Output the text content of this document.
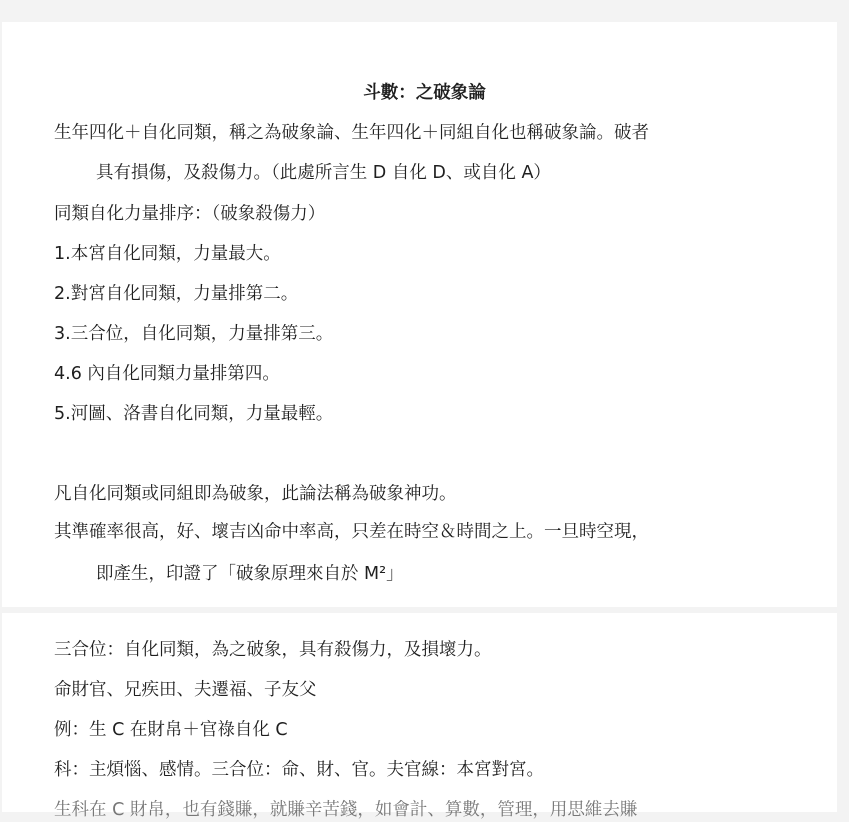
斗數：之破象論
生年四化＋自化同類，稱之為破象論、生年四化＋同組自化也稱破象論。破者
具有損傷，及殺傷力。（此處所言生 D 自化 D、或自化 A）
同類自化力量排序：（破象殺傷力）
1.本宮自化同類，力量最大。
2.對宮自化同類，力量排第二。
3.三合位，自化同類，力量排第三。
4.6 內自化同類力量排第四。
5.河圖、洛書自化同類，力量最輕。
凡自化同類或同組即為破象，此論法稱為破象神功。
其準確率很高，好、壞吉凶命中率高，只差在時空＆時間之上。一旦時空現，
即產生，印證了「破象原理來自於 M²」
三合位：自化同類，為之破象，具有殺傷力，及損壞力。
命財官、兄疾田、夫遷福、子友父
例：生 C 在財帛＋官祿自化 C
科：主煩惱、感情。三合位：命、財、官。夫官線：本宮對宮。
生科在 C 財帛，也有錢賺，就賺辛苦錢，如會計、算數，管理，用思維去賺
